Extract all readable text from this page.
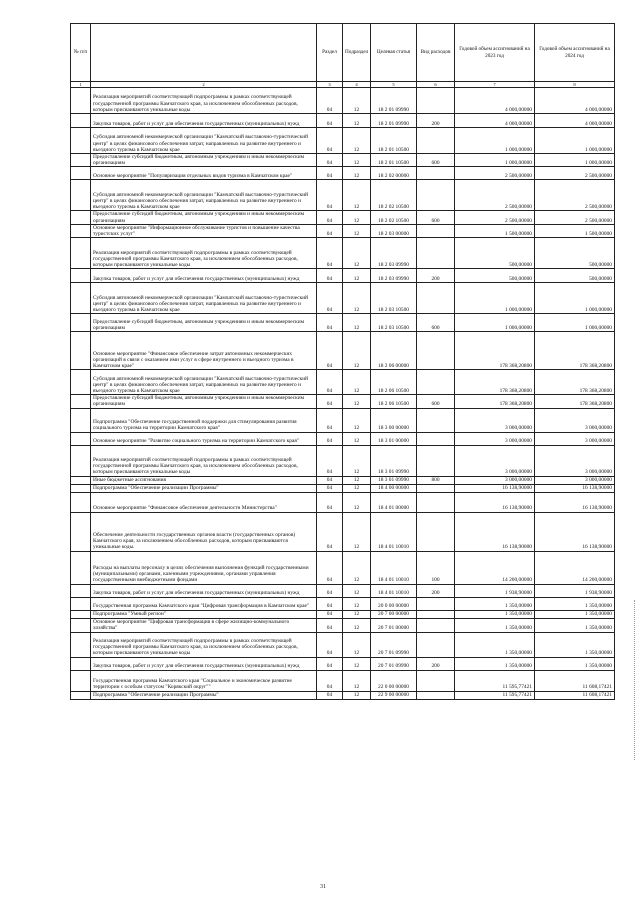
№ п/п		Раздел	Подраздел	Целевая статья	Вид расходов	Годовой объем ассигнований на 2023 год	Годовой объем ассигнований на 2024 год
1	2	3	4	5	6	7	8
	Реализация мероприятий соответствующей подпрограммы в рамках соответствующей государственной программы Камчатского края, за исключением обособленных расходов, которым присваиваются уникальные коды	04	12	18 2 01 09990		4 000,00000	4 000,00000
	Закупка товаров, работ и услуг для обеспечения государственных (муниципальных) нужд	04	12	18 2 01 09990	200	4 000,00000	4 000,00000
	Субсидия автономной некоммерческой организации "Камчатский выставочно-туристический центр" в целях финансового обеспечения затрат, направленных на развитие внутреннего и въездного туризма в Камчатском крае	04	12	18 2 01 10500		1 000,00000	1 000,00000
	Предоставление субсидий бюджетным, автономным учреждениям и иным некоммерческим организациям	04	12	18 2 01 10500	600	1 000,00000	1 000,00000
	Основное мероприятие "Популяризация отдельных видов туризма в Камчатском крае"	04	12	18 2 02 00000		2 500,00000	2 500,00000
	Субсидия автономной некоммерческой организации "Камчатский выставочно-туристический центр" в целях финансового обеспечения затрат, направленных на развитие внутреннего и въездного туризма в Камчатском крае	04	12	18 2 02 10500		2 500,00000	2 500,00000
	Предоставление субсидий бюджетным, автономным учреждениям и иным некоммерческим организациям	04	12	18 2 02 10500	600	2 500,00000	2 500,00000
	Основное мероприятие "Информационное обслуживание туристов и повышение качества туристских услуг"	04	12	18 2 03 00000		1 500,00000	1 500,00000
	Реализация мероприятий соответствующей подпрограммы в рамках соответствующей государственной программы Камчатского края, за исключением обособленных расходов, которым присваиваются уникальные коды	04	12	18 2 03 09990		500,00000	500,00000
	Закупка товаров, работ и услуг для обеспечения государственных (муниципальных) нужд	04	12	18 2 03 09990	200	500,00000	500,00000
	Субсидия автономной некоммерческой организации "Камчатский выставочно-туристический центр" в целях финансового обеспечения затрат, направленных на развитие внутреннего и въездного туризма в Камчатском крае	04	12	18 2 03 10500		1 000,00000	1 000,00000
	Предоставление субсидий бюджетным, автономным учреждениям и иным некоммерческим организациям	04	12	18 2 03 10500	600	1 000,00000	1 000,00000
	Основное мероприятие "Финансовое обеспечение затрат автономных некоммерческих организаций в связи с оказанием ими услуг в сфере внутреннего и въездного туризма в Камчатском крае"	04	12	18 2 06 00000		178 368,20800	178 368,20800
	Субсидия автономной некоммерческой организации "Камчатский выставочно-туристический центр" в целях финансового обеспечения затрат, направленных на развитие внутреннего и въездного туризма в Камчатском крае	04	12	18 2 06 10500		178 368,20800	178 368,20800
	Предоставление субсидий бюджетным, автономным учреждениям и иным некоммерческим организациям	04	12	18 2 06 10500	600	178 368,20800	178 368,20800
	Подпрограмма "Обеспечение государственной поддержки для стимулирования развития социального туризма на территории Камчатского края"	04	12	18 3 00 00000		3 000,00000	3 000,00000
	Основное мероприятие "Развитие социального туризма на территории Камчатского края"	04	12	18 3 01 00000		3 000,00000	3 000,00000
	Реализация мероприятий соответствующей подпрограммы в рамках соответствующей государственной программы Камчатского края, за исключением обособленных расходов, которым присваиваются уникальные коды	04	12	18 3 01 09990		3 000,00000	3 000,00000
	Иные бюджетные ассигнования	04	12	18 3 01 09990	800	3 000,00000	3 000,00000
	Подпрограмма "Обеспечение реализации Программы"	04	12	18 4 00 00000		16 138,90000	16 138,90000
	Основное мероприятие "Финансовое обеспечение деятельности Министерства"	04	12	18 4 01 00000		16 138,90000	16 138,90000
	Обеспечение деятельности государственных органов власти (государственных органов) Камчатского края, за исключением обособленных расходов, которым присваиваются уникальные коды.	04	12	18 4 01 10010		16 138,90000	16 138,90000
	Расходы на выплаты персоналу в целях обеспечения выполнения функций государственными (муниципальными) органами, казенными учреждениями, органами управления государственными внебюджетными фондами	04	12	18 4 01 10010	100	14 200,00000	14 200,00000
	Закупка товаров, работ и услуг для обеспечения государственных (муниципальных) нужд	04	12	18 4 01 10010	200	1 938,90000	1 938,90000
	Государственная программа Камчатского края "Цифровая трансформация в Камчатском крае"	04	12	20 0 00 00000		1 350,00000	1 350,00000
	Подпрограмма "Умный регион"	04	12	20 7 00 00000		1 350,00000	1 350,00000
	Основное мероприятие "Цифровая трансформация в сфере жилищно-коммунального хозяйства"	04	12	20 7 01 00000		1 350,00000	1 350,00000
	Реализация мероприятий соответствующей подпрограммы в рамках соответствующей государственной программы Камчатского края, за исключением обособленных расходов, которым присваиваются уникальные коды	04	12	20 7 01 09990		1 350,00000	1 350,00000
	Закупка товаров, работ и услуг для обеспечения государственных (муниципальных) нужд	04	12	20 7 01 09990	200	1 350,00000	1 350,00000
	Государственная программа Камчатского края "Социальное и экономическое развитие территории с особым статусом "Корякский округ""	04	12	22 0 00 00000		11 595,77421	11 608,17421
	Подпрограмма "Обеспечение реализации Программы"	04	12	22 9 00 00000		11 595,77421	11 608,17421
31
